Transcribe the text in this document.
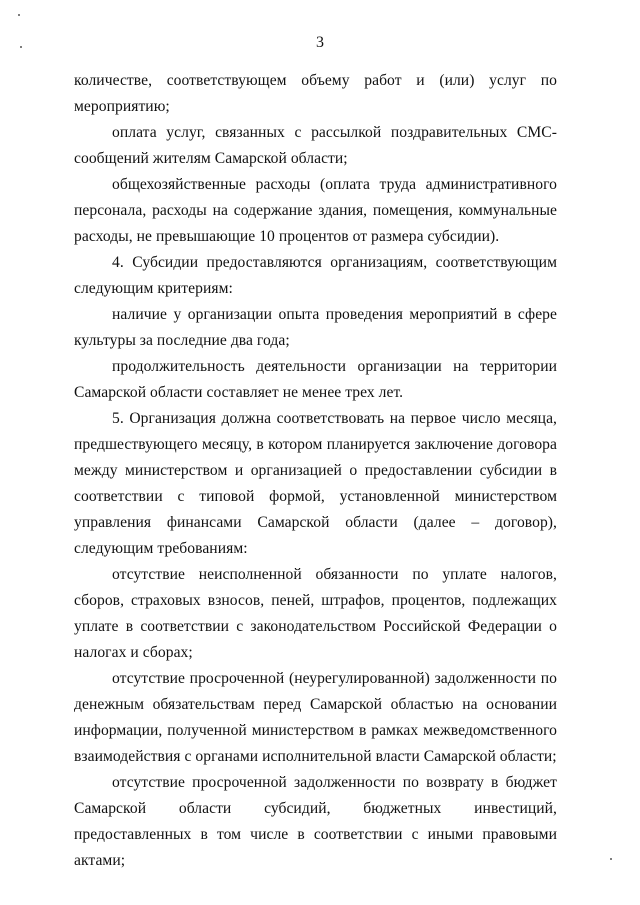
3

количестве, соответствующем объему работ и (или) услуг по мероприятию;

оплата услуг, связанных с рассылкой поздравительных СМС-сообщений жителям Самарской области;

общехозяйственные расходы (оплата труда административного персонала, расходы на содержание здания, помещения, коммунальные расходы, не превышающие 10 процентов от размера субсидии).

4. Субсидии предоставляются организациям, соответствующим следующим критериям:

наличие у организации опыта проведения мероприятий в сфере культуры за последние два года;

продолжительность деятельности организации на территории Самарской области составляет не менее трех лет.

5. Организация должна соответствовать на первое число месяца, предшествующего месяцу, в котором планируется заключение договора между министерством и организацией о предоставлении субсидии в соответствии с типовой формой, установленной министерством управления финансами Самарской области (далее – договор), следующим требованиям:

отсутствие неисполненной обязанности по уплате налогов, сборов, страховых взносов, пеней, штрафов, процентов, подлежащих уплате в соответствии с законодательством Российской Федерации о налогах и сборах;

отсутствие просроченной (неурегулированной) задолженности по денежным обязательствам перед Самарской областью на основании информации, полученной министерством в рамках межведомственного взаимодействия с органами исполнительной власти Самарской области;

отсутствие просроченной задолженности по возврату в бюджет Самарской области субсидий, бюджетных инвестиций, предоставленных в том числе в соответствии с иными правовыми актами;
